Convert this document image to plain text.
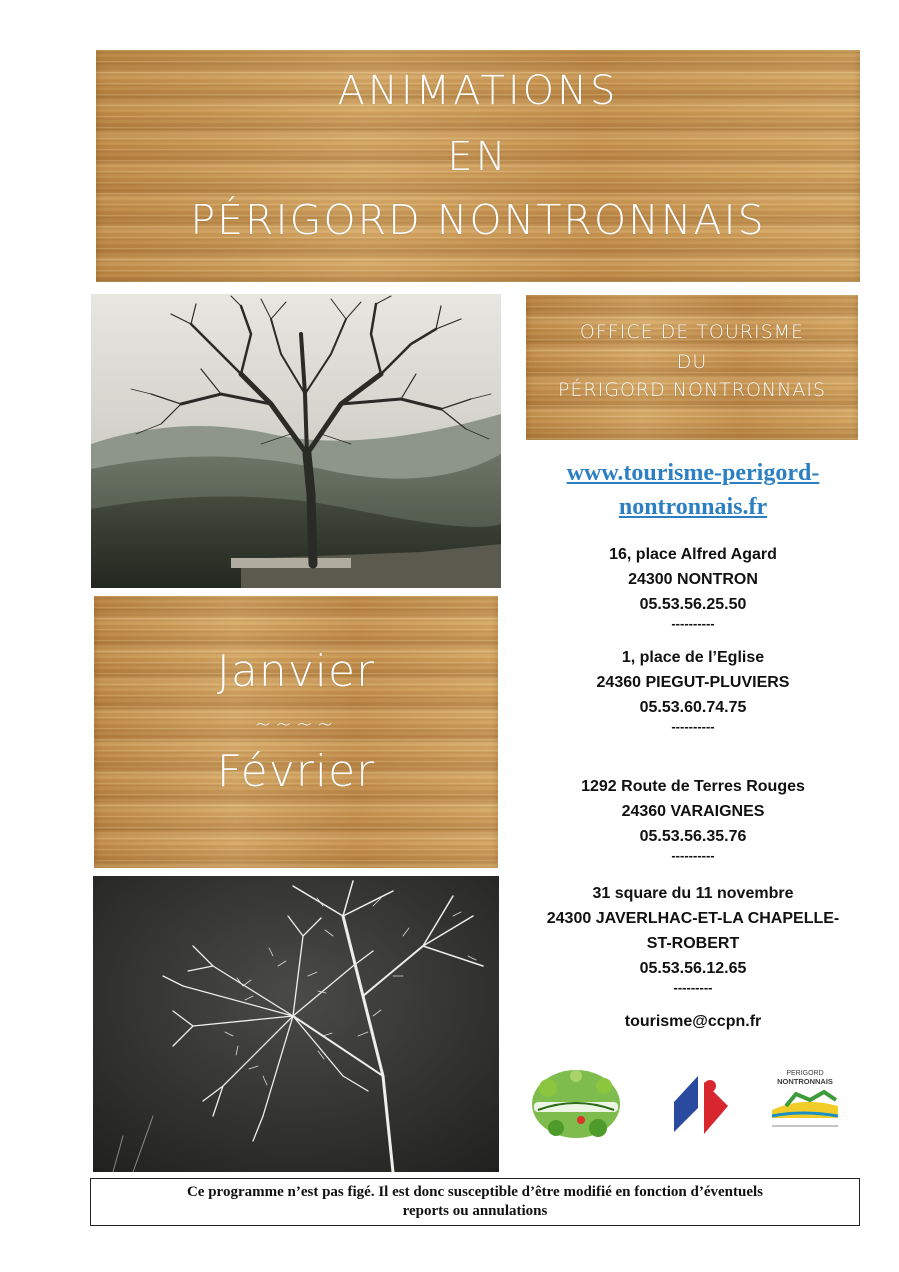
ANIMATIONS
EN
PÉRIGORD NONTRONNAIS
OFFICE DE TOURISME
DU
PÉRIGORD NONTRONNAIS
Janvier
~~~~
Février
www.tourisme-perigord-
nontronnais.fr
16, place Alfred Agard
24300 NONTRON
05.53.56.25.50
----------
1, place de l’Eglise
24360 PIEGUT-PLUVIERS
05.53.60.74.75
----------
1292 Route de Terres Rouges
24360 VARAIGNES
05.53.56.35.76
----------
31 square du 11 novembre
24300 JAVERLHAC-ET-LA CHAPELLE-
ST-ROBERT
05.53.56.12.65
---------
tourisme@ccpn.fr
PERIGORD
NONTRONNAIS
Ce programme n’est pas figé. Il est donc susceptible d’être modifié en fonction d’éventuels
reports ou annulations
